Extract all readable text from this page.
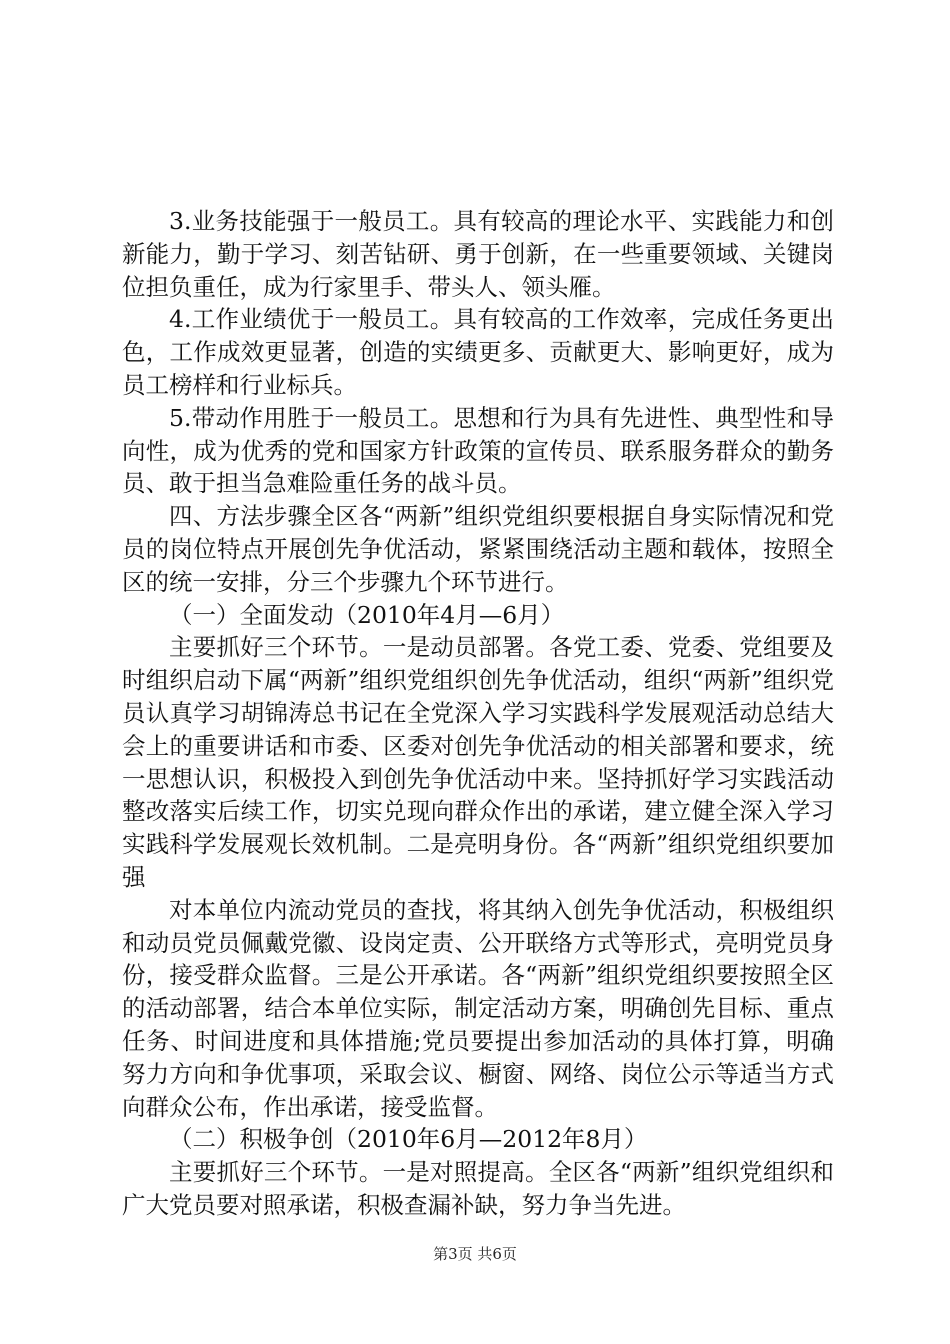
3.业务技能强于一般员工。具有较高的理论水平、实践能力和创新能力，勤于学习、刻苦钻研、勇于创新，在一些重要领域、关键岗位担负重任，成为行家里手、带头人、领头雁。

4.工作业绩优于一般员工。具有较高的工作效率，完成任务更出色，工作成效更显著，创造的实绩更多、贡献更大、影响更好，成为员工榜样和行业标兵。

5.带动作用胜于一般员工。思想和行为具有先进性、典型性和导向性，成为优秀的党和国家方针政策的宣传员、联系服务群众的勤务员、敢于担当急难险重任务的战斗员。

四、方法步骤全区各“两新”组织党组织要根据自身实际情况和党员的岗位特点开展创先争优活动，紧紧围绕活动主题和载体，按照全区的统一安排，分三个步骤九个环节进行。

（一）全面发动（2010年4月—6月）

主要抓好三个环节。一是动员部署。各党工委、党委、党组要及时组织启动下属“两新”组织党组织创先争优活动，组织“两新”组织党员认真学习胡锦涛总书记在全党深入学习实践科学发展观活动总结大会上的重要讲话和市委、区委对创先争优活动的相关部署和要求，统一思想认识，积极投入到创先争优活动中来。坚持抓好学习实践活动整改落实后续工作，切实兑现向群众作出的承诺，建立健全深入学习实践科学发展观长效机制。二是亮明身份。各“两新”组织党组织要加强

对本单位内流动党员的查找，将其纳入创先争优活动，积极组织和动员党员佩戴党徽、设岗定责、公开联络方式等形式，亮明党员身份，接受群众监督。三是公开承诺。各“两新”组织党组织要按照全区的活动部署，结合本单位实际，制定活动方案，明确创先目标、重点任务、时间进度和具体措施;党员要提出参加活动的具体打算，明确努力方向和争优事项，采取会议、橱窗、网络、岗位公示等适当方式向群众公布，作出承诺，接受监督。

（二）积极争创（2010年6月—2012年8月）

主要抓好三个环节。一是对照提高。全区各“两新”组织党组织和广大党员要对照承诺，积极查漏补缺，努力争当先进。

第3页 共6页
